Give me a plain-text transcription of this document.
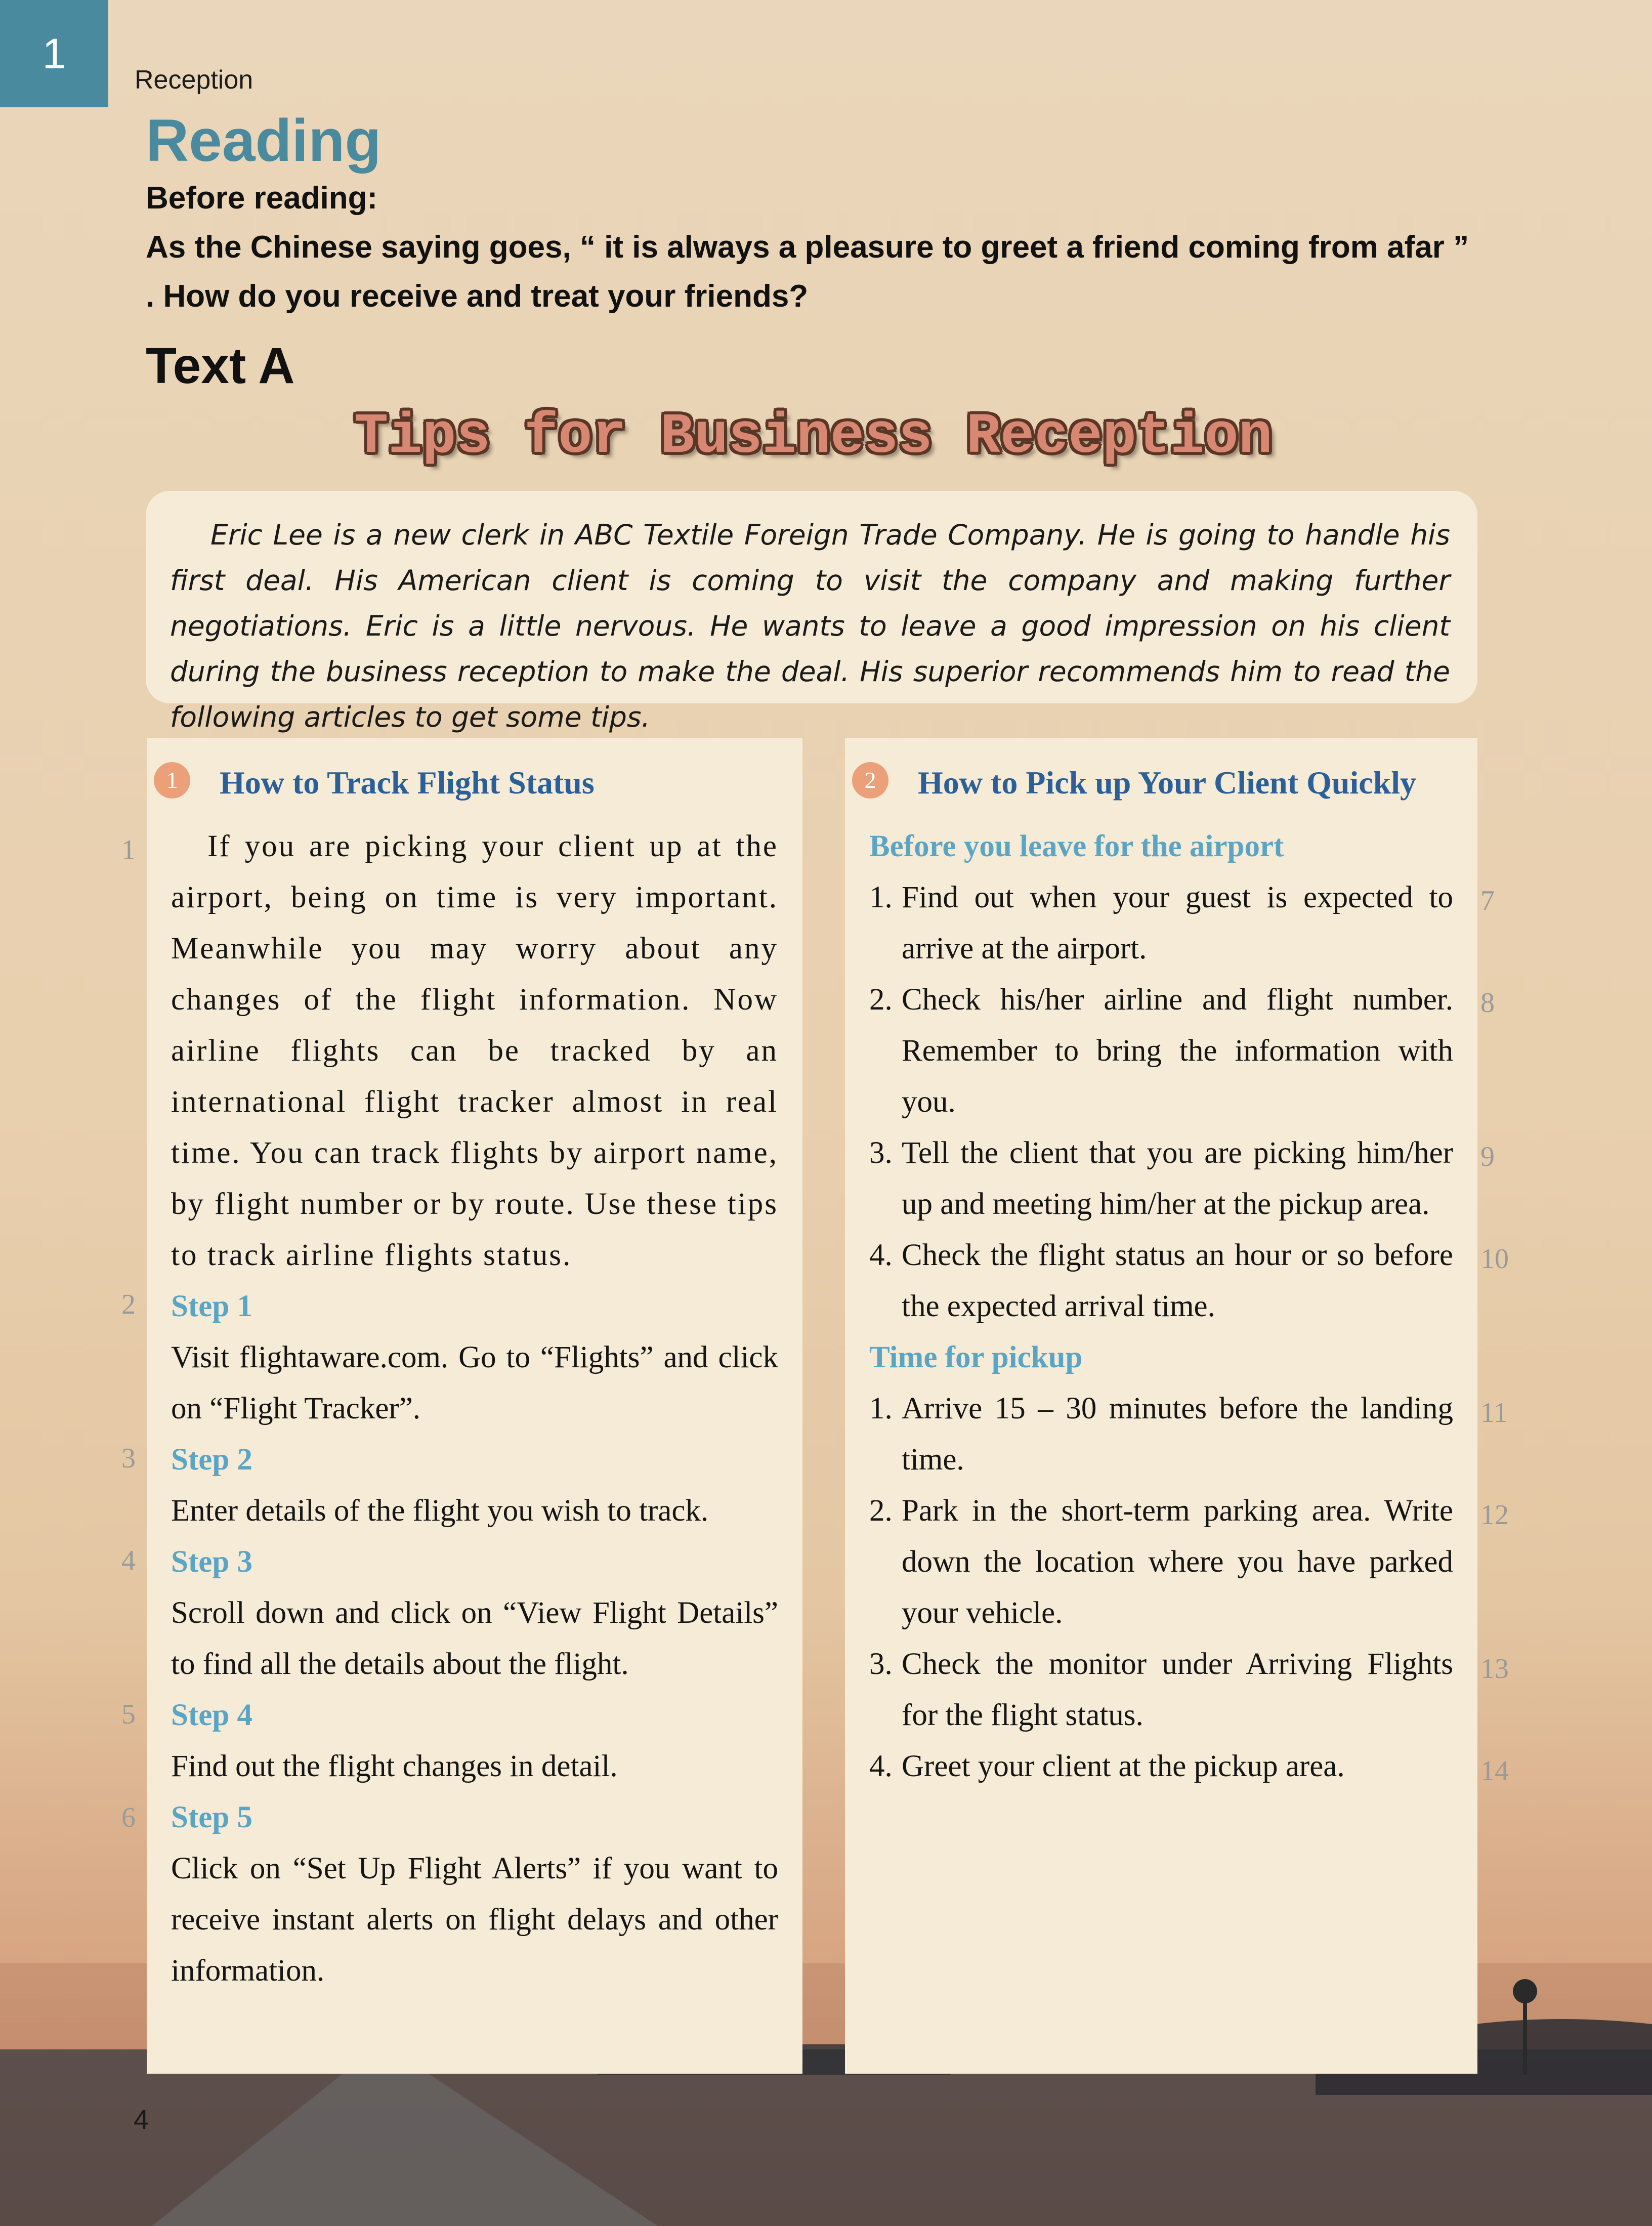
1
Reception
Reading
Before reading:
As the Chinese saying goes, “ it is always a pleasure to greet a friend coming from afar ” . How do you receive and treat your friends?
Text A
Tips for Business Reception
Eric Lee is a new clerk in ABC Textile Foreign Trade Company. He is going to handle his first deal. His American client is coming to visit the company and making further negotiations. Eric is a little nervous. He wants to leave a good impression on his client during the business reception to make the deal. His superior recommends him to read the following articles to get some tips.
1	How to Track Flight Status

If you are picking your client up at the airport, being on time is very important. Meanwhile you may worry about any changes of the flight information. Now airline flights can be tracked by an international flight tracker almost in real time. You can track flights by airport name, by flight number or by route. Use these tips to track airline flights status.

Step 1

Visit flightaware.com. Go to “Flights” and click on “Flight Tracker”.

Step 2

Enter details of the flight you wish to track.

Step 3

Scroll down and click on “View Flight Details” to find all the details about the flight.

Step 4

Find out the flight changes in detail.

Step 5

Click on “Set Up Flight Alerts” if you want to receive instant alerts on flight delays and other information.

2	How to Pick up Your Client Quickly

Before you leave for the airport

1. Find out when your guest is expected to arrive at the airport.
2. Check his/her airline and flight number. Remember to bring the information with you.
3. Tell the client that you are picking him/her up and meeting him/her at the pickup area.
4. Check the flight status an hour or so before the expected arrival time.

Time for pickup

1. Arrive 15 – 30 minutes before the landing time.
2. Park in the short-term parking area. Write down the location where you have parked your vehicle.
3. Check the monitor under Arriving Flights for the flight status.
4. Greet your client at the pickup area.
1
2
3
4
5
6
7
8
9
10
11
12
13
14
4
